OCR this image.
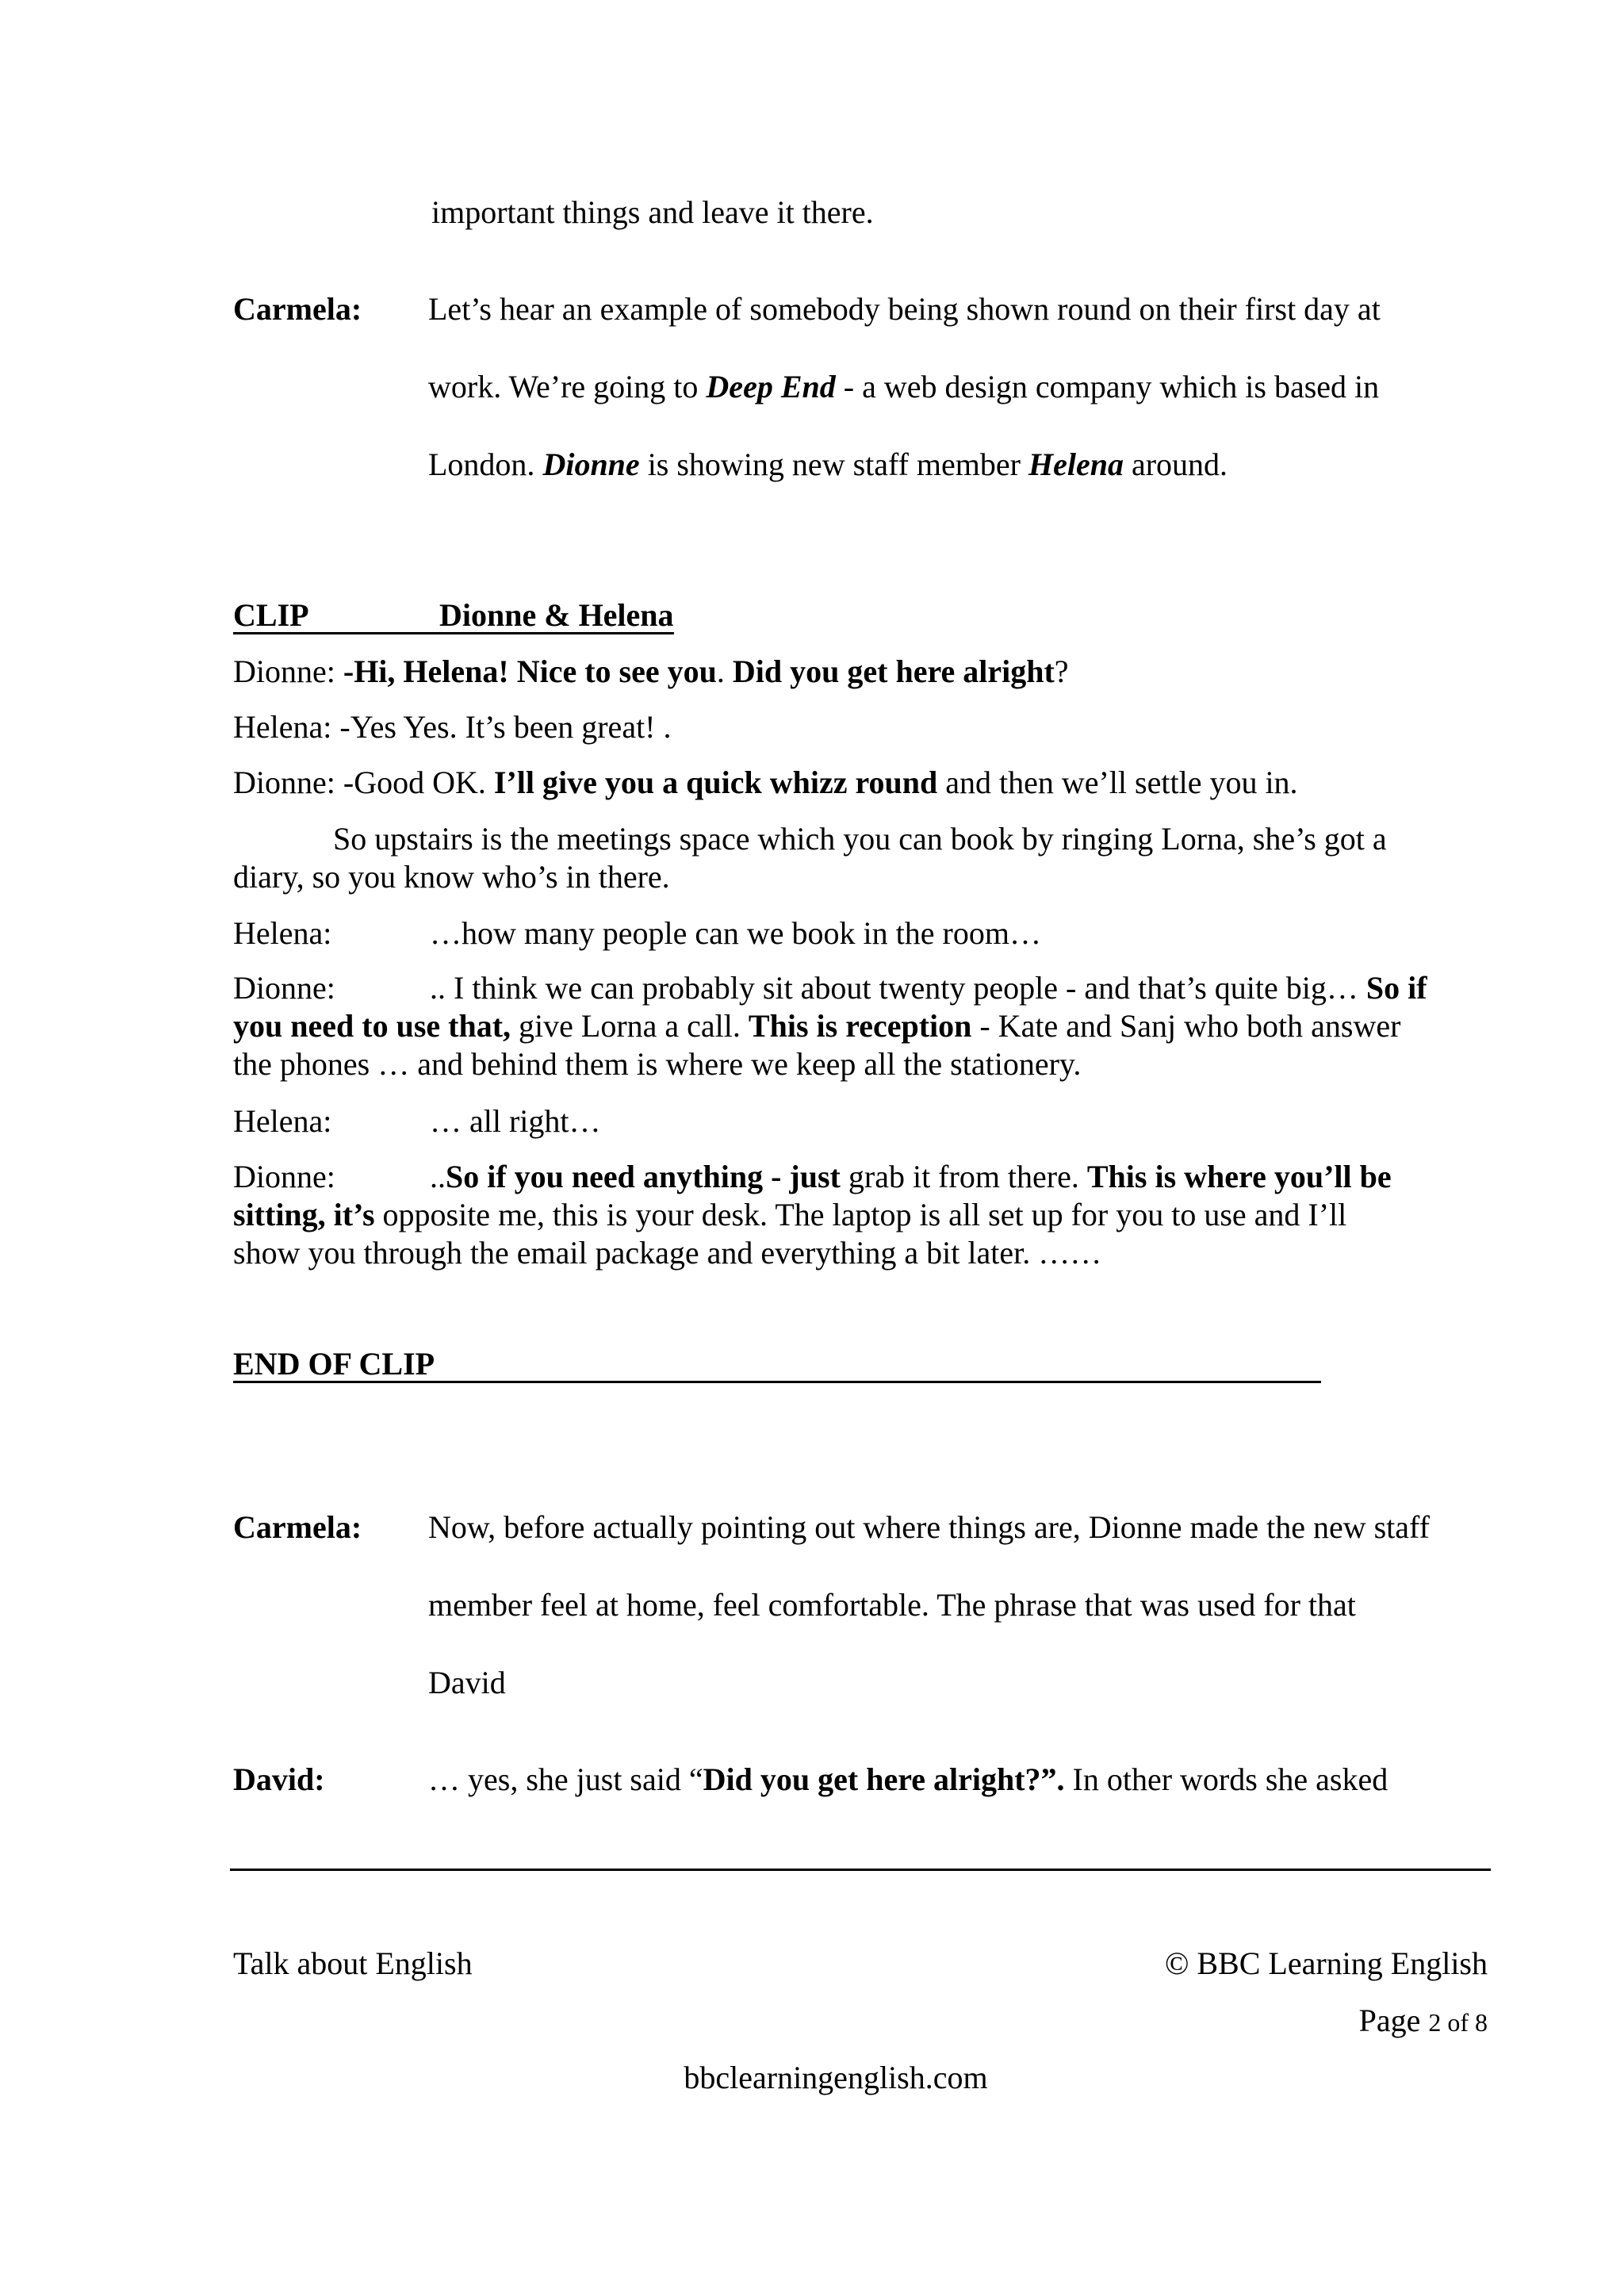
important things and leave it there.
Carmela: Let’s hear an example of somebody being shown round on their first day at
work. We’re going to Deep End - a web design company which is based in
London. Dionne is showing new staff member Helena around.
CLIP	Dionne & Helena
Dionne: -Hi, Helena! Nice to see you. Did you get here alright?
Helena: -Yes Yes. It’s been great! .
Dionne: -Good OK. I’ll give you a quick whizz round and then we’ll settle you in.
So upstairs is the meetings space which you can book by ringing Lorna, she’s got a
diary, so you know who’s in there.
Helena:	…how many people can we book in the room…
Dionne:	.. I think we can probably sit about twenty people - and that’s quite big… So if
you need to use that, give Lorna a call. This is reception - Kate and Sanj who both answer
the phones … and behind them is where we keep all the stationery.
Helena:	… all right…
Dionne:	..So if you need anything - just grab it from there. This is where you’ll be
sitting, it’s opposite me, this is your desk. The laptop is all set up for you to use and I’ll
show you through the email package and everything a bit later. ……
END OF CLIP
Carmela: Now, before actually pointing out where things are, Dionne made the new staff
member feel at home, feel comfortable. The phrase that was used for that
David
David:	… yes, she just said “Did you get here alright?”. In other words she asked
Talk about English	© BBC Learning English
Page 2 of 8
bbclearningenglish.com
